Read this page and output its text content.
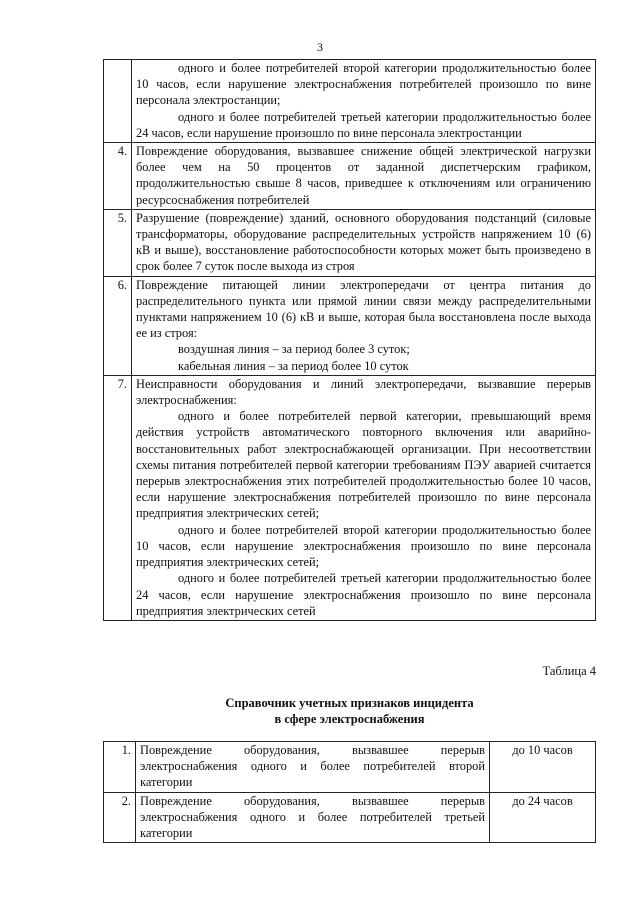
3

	одного и более потребителей второй категории продолжительностью более 10 часов, если нарушение электроснабжения потребителей произошло по вине персонала электростанции;

одного и более потребителей третьей категории продолжительностью более 24 часов, если нарушение произошло по вине персонала электростанции

4.	Повреждение оборудования, вызвавшее снижение общей электрической нагрузки более чем на 50 процентов от заданной диспетчерским графиком, продолжительностью свыше 8 часов, приведшее к отключениям или ограничению ресурсоснабжения потребителей

5.	Разрушение (повреждение) зданий, основного оборудования подстанций (силовые трансформаторы, оборудование распределительных устройств напряжением 10 (6) кВ и выше), восстановление работоспособности которых может быть произведено в срок более 7 суток после выхода из строя

6.	Повреждение питающей линии электропередачи от центра питания до распределительного пункта или прямой линии связи между распределительными пунктами напряжением 10 (6) кВ и выше, которая была восстановлена после выхода ее из строя:

воздушная линия – за период более 3 суток;

кабельная линия – за период более 10 суток

7.	Неисправности оборудования и линий электропередачи, вызвавшие перерыв электроснабжения:

одного и более потребителей первой категории, превышающий время действия устройств автоматического повторного включения или аварийно-восстановительных работ электроснабжающей организации. При несоответствии схемы питания потребителей первой категории требованиям ПЭУ аварией считается перерыв электроснабжения этих потребителей продолжительностью более 10 часов, если нарушение электроснабжения потребителей произошло по вине персонала предприятия электрических сетей;

одного и более потребителей второй категории продолжительностью более 10 часов, если нарушение электроснабжения произошло по вине персонала предприятия электрических сетей;

одного и более потребителей третьей категории продолжительностью более 24 часов, если нарушение электроснабжения произошло по вине персонала предприятия электрических сетей

Таблица 4
Справочник учетных признаков инцидента
в сфере электроснабжения
1.	Повреждение оборудования, вызвавшее перерыв электроснабжения одного и более потребителей второй категории	до 10 часов
2.	Повреждение оборудования, вызвавшее перерыв электроснабжения одного и более потребителей третьей категории	до 24 часов
